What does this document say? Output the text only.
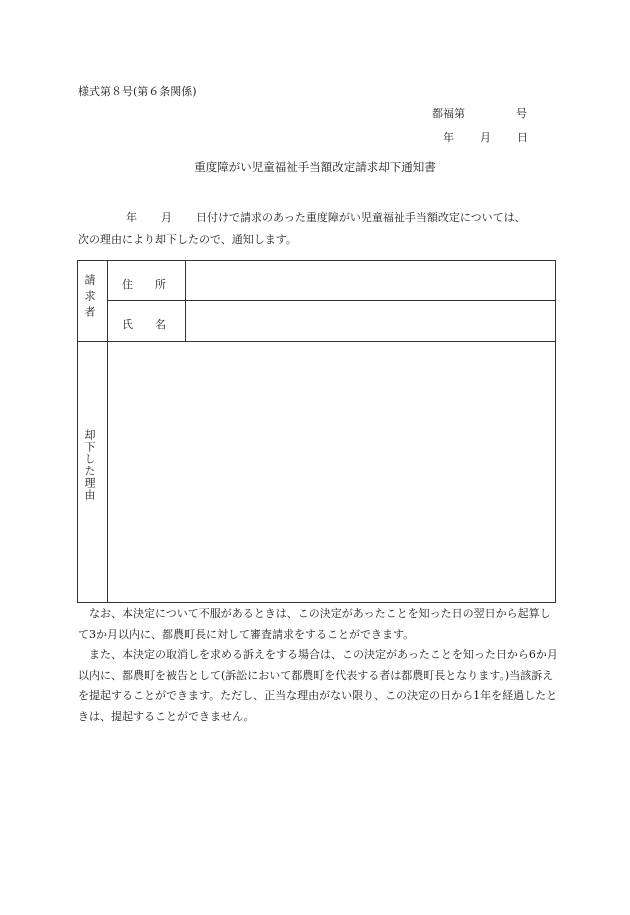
様式第８号(第６条関係)
都福第	号
年 月 日
重度障がい児童福祉手当額改定請求却下通知書
年 月 日付けで請求のあった重度障がい児童福祉手当額改定については、
次の理由により却下したので、通知します。
請求者 住　　所
氏　　名
却下した理由

なお、本決定について不服があるときは、この決定があったことを知った日の翌日から起算して3か月以内に、都農町長に対して審査請求をすることができます。

また、本決定の取消しを求める訴えをする場合は、この決定があったことを知った日から6か月以内に、都農町を被告として(訴訟において都農町を代表する者は都農町長となります。)当該訴えを提起することができます。ただし、正当な理由がない限り、この決定の日から1年を経過したときは、提起することができません。
